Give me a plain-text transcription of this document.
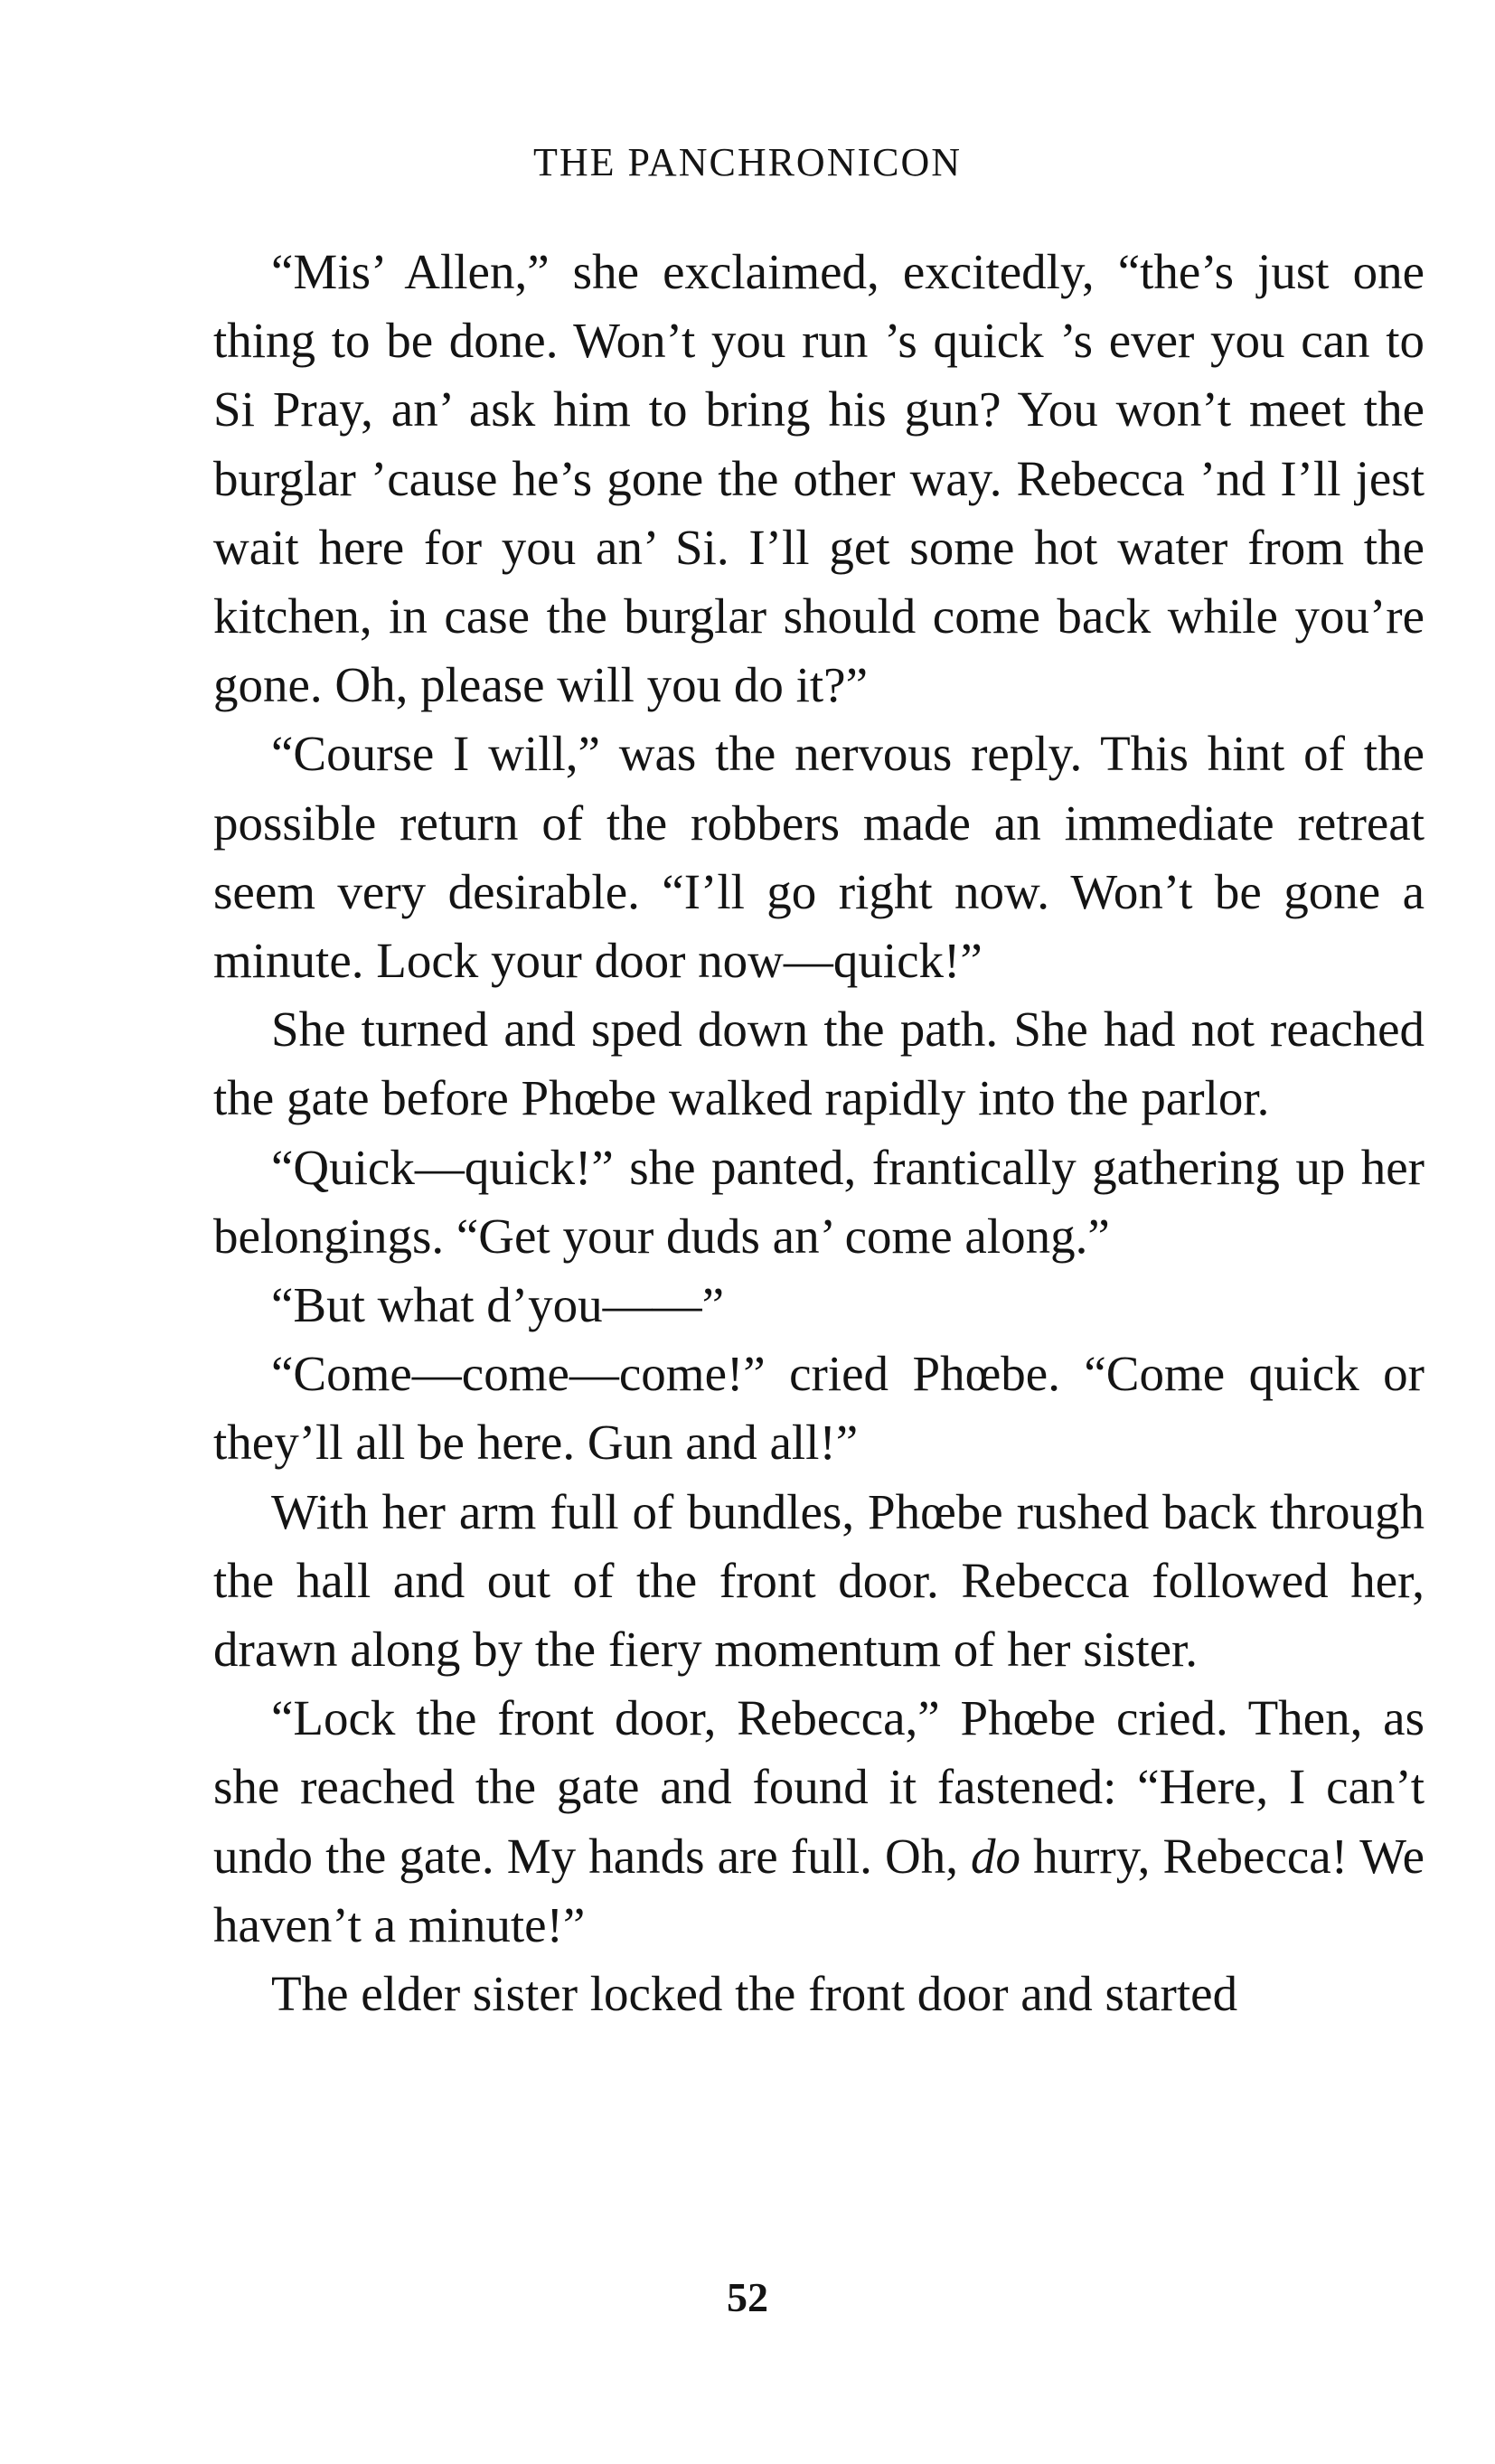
THE PANCHRONICON

“Mis’ Allen,” she exclaimed, excitedly, “the’s just one thing to be done. Won’t you run ’s quick ’s ever you can to Si Pray, an’ ask him to bring his gun? You won’t meet the burglar ’cause he’s gone the other way. Rebecca ’nd I’ll jest wait here for you an’ Si. I’ll get some hot water from the kitchen, in case the burglar should come back while you’re gone. Oh, please will you do it?”

“Course I will,” was the nervous reply. This hint of the possible return of the robbers made an immediate retreat seem very desirable. “I’ll go right now. Won’t be gone a minute. Lock your door now—quick!”

She turned and sped down the path. She had not reached the gate before Phœbe walked rapidly into the parlor.

“Quick—quick!” she panted, frantically gathering up her belongings. “Get your duds an’ come along.”

“But what d’you——”

“Come—come—come!” cried Phœbe. “Come quick or they’ll all be here. Gun and all!”

With her arm full of bundles, Phœbe rushed back through the hall and out of the front door. Rebecca followed her, drawn along by the fiery momentum of her sister.

“Lock the front door, Rebecca,” Phœbe cried. Then, as she reached the gate and found it fastened: “Here, I can’t undo the gate. My hands are full. Oh, do hurry, Rebecca! We haven’t a minute!”

The elder sister locked the front door and started

52
